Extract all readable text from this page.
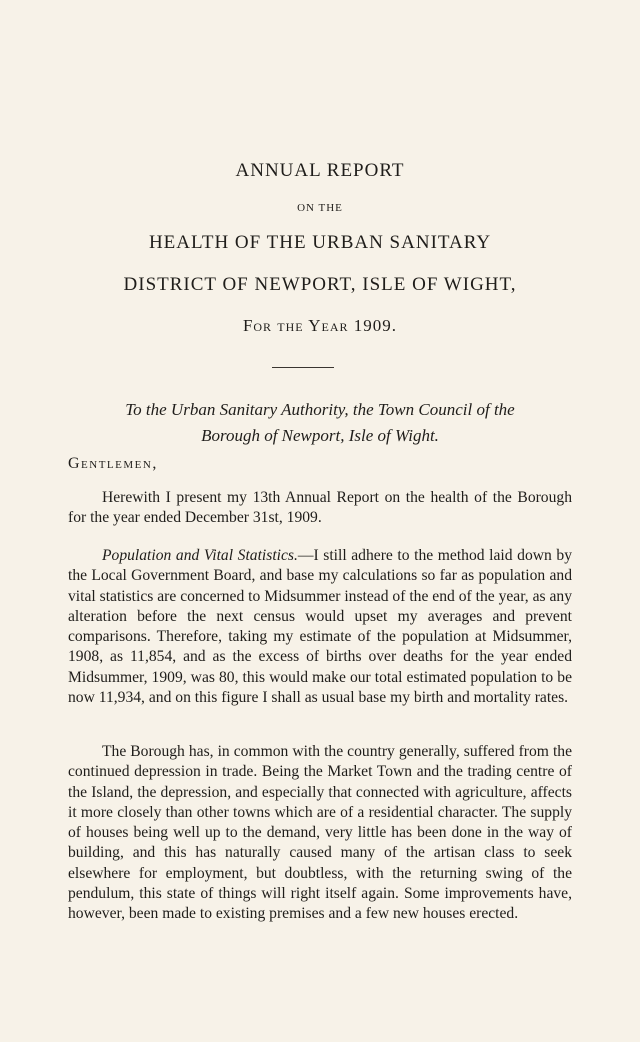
ANNUAL REPORT

ON THE

HEALTH OF THE URBAN SANITARY
DISTRICT OF NEWPORT, ISLE OF WIGHT,

For the Year 1909.

To the Urban Sanitary Authority, the Town Council of the
Borough of Newport, Isle of Wight.

Gentlemen,

Herewith I present my 13th Annual Report on the health of the Borough for the year ended December 31st, 1909.

Population and Vital Statistics.—I still adhere to the method laid down by the Local Government Board, and base my calculations so far as population and vital statistics are concerned to Midsummer instead of the end of the year, as any alteration before the next census would upset my averages and prevent comparisons. Therefore, taking my estimate of the population at Midsummer, 1908, as 11,854, and as the excess of births over deaths for the year ended Midsummer, 1909, was 80, this would make our total estimated population to be now 11,934, and on this figure I shall as usual base my birth and mortality rates.

The Borough has, in common with the country generally, suffered from the continued depression in trade. Being the Market Town and the trading centre of the Island, the depression, and especially that connected with agriculture, affects it more closely than other towns which are of a residential character. The supply of houses being well up to the demand, very little has been done in the way of building, and this has naturally caused many of the artisan class to seek elsewhere for employment, but doubtless, with the returning swing of the pendulum, this state of things will right itself again. Some improvements have, however, been made to existing premises and a few new houses erected.
